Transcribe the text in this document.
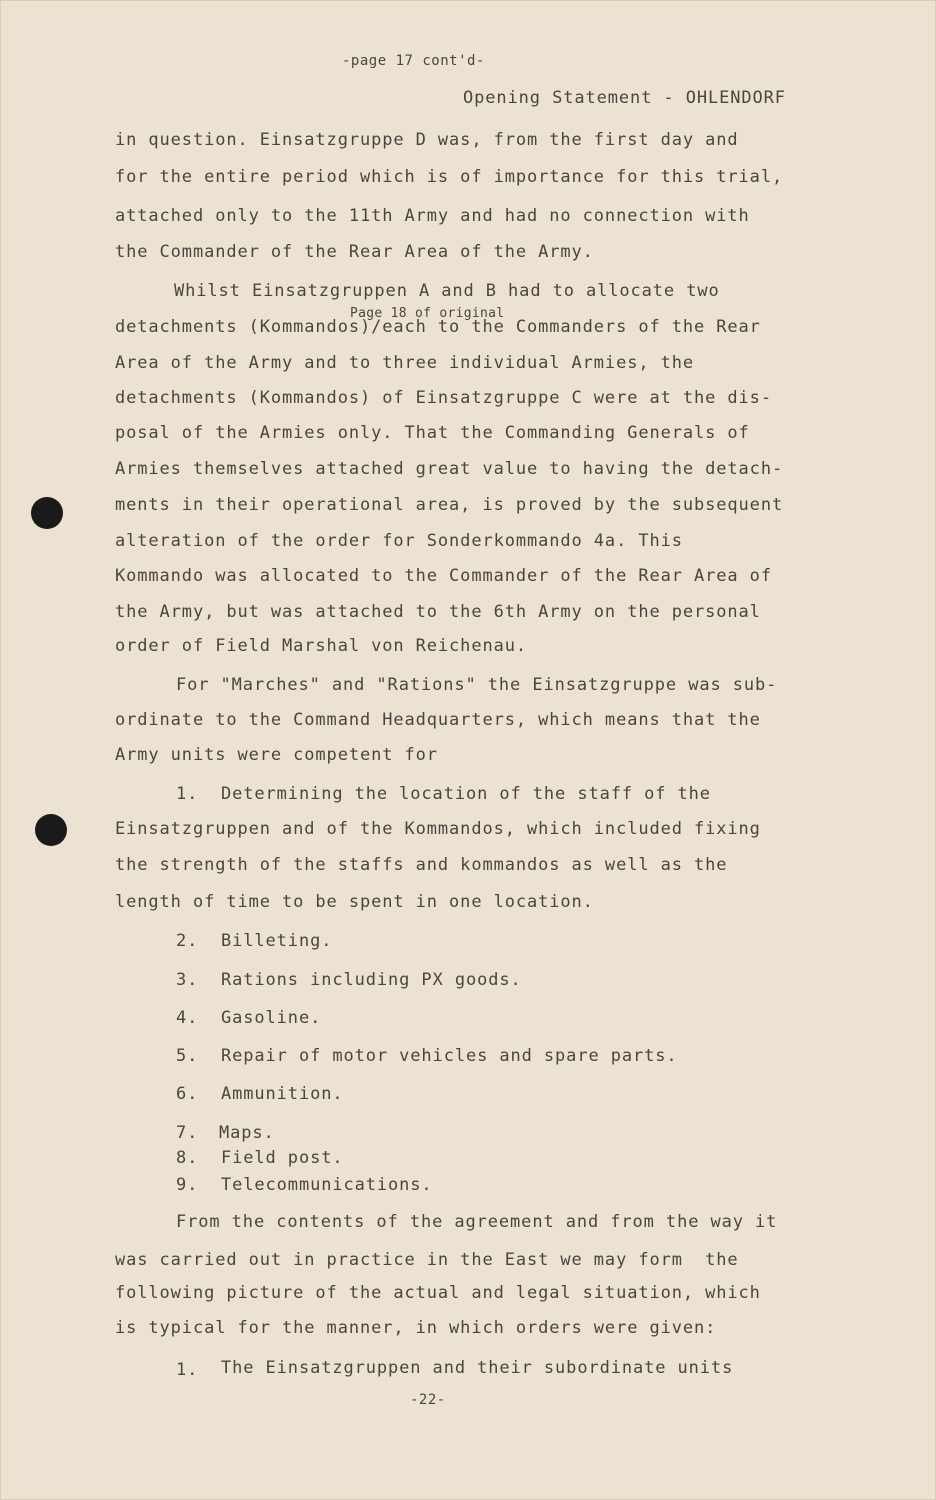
-page 17 cont'd-
Opening Statement - OHLENDORF
in question. Einsatzgruppe D was, from the first day and
for the entire period which is of importance for this trial,
attached only to the 11th Army and had no connection with
the Commander of the Rear Area of the Army.
Whilst Einsatzgruppen A and B had to allocate two
Page 18 of original
detachments (Kommandos)/each to the Commanders of the Rear
Area of the Army and to three individual Armies, the
detachments (Kommandos) of Einsatzgruppe C were at the dis-
posal of the Armies only. That the Commanding Generals of
Armies themselves attached great value to having the detach-
ments in their operational area, is proved by the subsequent
alteration of the order for Sonderkommando 4a. This
Kommando was allocated to the Commander of the Rear Area of
the Army, but was attached to the 6th Army on the personal
order of Field Marshal von Reichenau.
For "Marches" and "Rations" the Einsatzgruppe was sub-
ordinate to the Command Headquarters, which means that the
Army units were competent for
1. Determining the location of the staff of the
Einsatzgruppen and of the Kommandos, which included fixing
the strength of the staffs and kommandos as well as the
length of time to be spent in one location.
2. Billeting.
3. Rations including PX goods.
4. Gasoline.
5. Repair of motor vehicles and spare parts.
6. Ammunition.
7. Maps.
8. Field post.
9. Telecommunications.
From the contents of the agreement and from the way it
was carried out in practice in the East we may form  the
following picture of the actual and legal situation, which
is typical for the manner, in which orders were given:
1. The Einsatzgruppen and their subordinate units
-22-
